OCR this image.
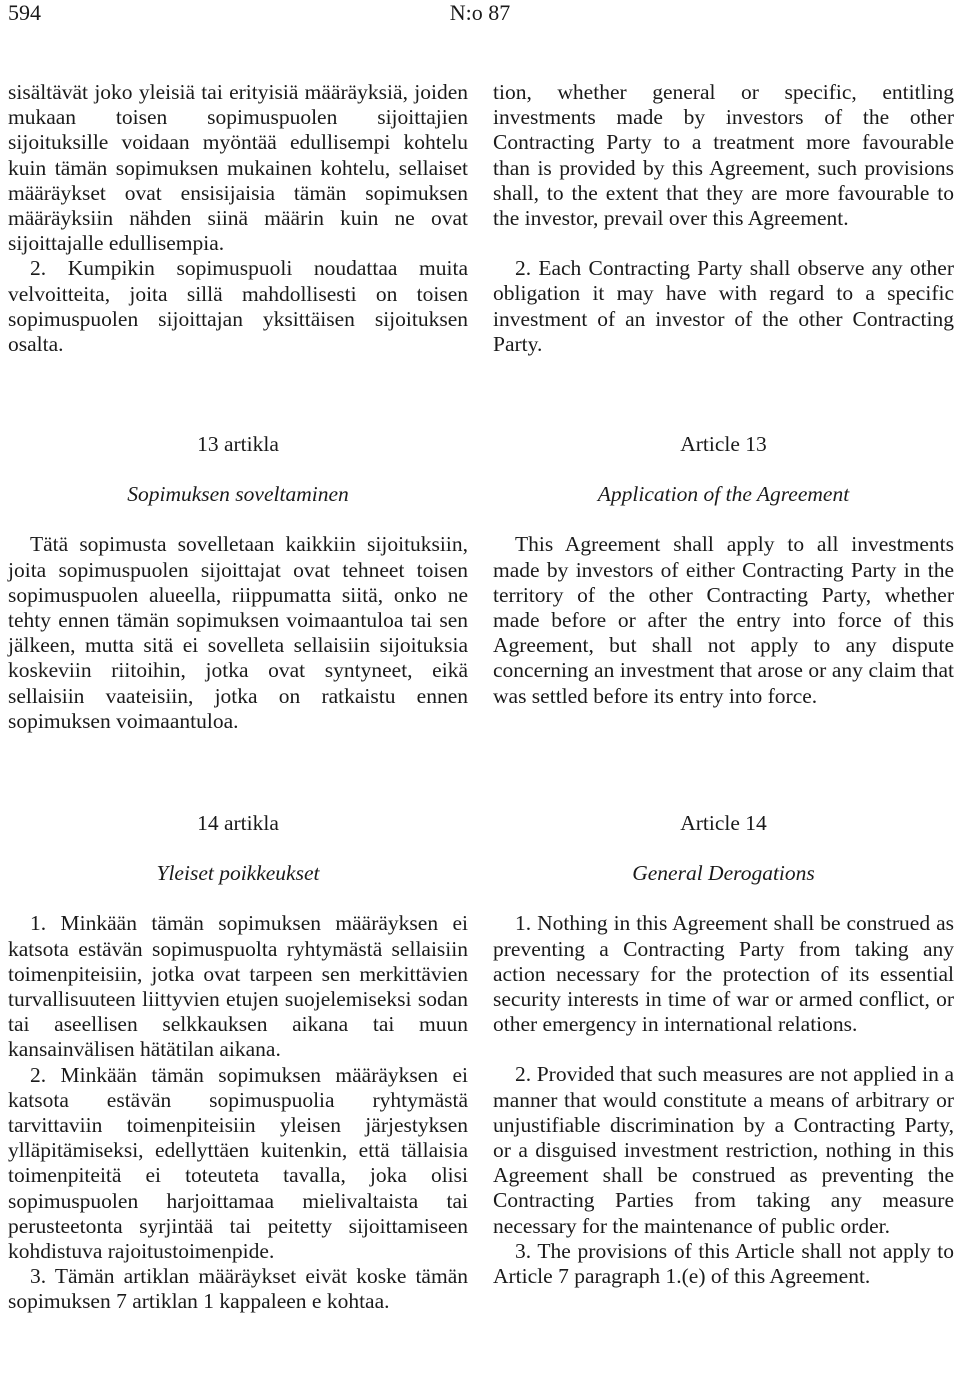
594	N:o 87

sisältävät joko yleisiä tai erityisiä määräyksiä, joiden mukaan toisen sopimuspuolen sijoittajien sijoituksille voidaan myöntää edullisempi kohtelu kuin tämän sopimuksen mukainen kohtelu, sellaiset määräykset ovat ensisijaisia tämän sopimuksen määräyksiin nähden siinä määrin kuin ne ovat sijoittajalle edullisempia.

2. Kumpikin sopimuspuoli noudattaa muita velvoitteita, joita sillä mahdollisesti on toisen sopimuspuolen sijoittajan yksittäisen sijoituksen osalta.

tion, whether general or specific, entitling investments made by investors of the other Contracting Party to a treatment more favourable than is provided by this Agreement, such provisions shall, to the extent that they are more favourable to the investor, prevail over this Agreement.

2. Each Contracting Party shall observe any other obligation it may have with regard to a specific investment of an investor of the other Contracting Party.

13 artikla
Sopimuksen soveltaminen

Tätä sopimusta sovelletaan kaikkiin sijoituksiin, joita sopimuspuolen sijoittajat ovat tehneet toisen sopimuspuolen alueella, riippumatta siitä, onko ne tehty ennen tämän sopimuksen voimaantuloa tai sen jälkeen, mutta sitä ei sovelleta sellaisiin sijoituksia koskeviin riitoihin, jotka ovat syntyneet, eikä sellaisiin vaateisiin, jotka on ratkaistu ennen sopimuksen voimaantuloa.

Article 13
Application of the Agreement

This Agreement shall apply to all investments made by investors of either Contracting Party in the territory of the other Contracting Party, whether made before or after the entry into force of this Agreement, but shall not apply to any dispute concerning an investment that arose or any claim that was settled before its entry into force.

14 artikla
Yleiset poikkeukset

1. Minkään tämän sopimuksen määräyksen ei katsota estävän sopimuspuolta ryhtymästä sellaisiin toimenpiteisiin, jotka ovat tarpeen sen merkittävien turvallisuuteen liittyvien etujen suojelemiseksi sodan tai aseellisen selkkauksen aikana tai muun kansainvälisen hätätilan aikana.

2. Minkään tämän sopimuksen määräyksen ei katsota estävän sopimuspuolia ryhtymästä tarvittaviin toimenpiteisiin yleisen järjestyksen ylläpitämiseksi, edellyttäen kuitenkin, että tällaisia toimenpiteitä ei toteuteta tavalla, joka olisi sopimuspuolen harjoittamaa mielivaltaista tai perusteetonta syrjintää tai peitetty sijoittamiseen kohdistuva rajoitustoimenpide.

3. Tämän artiklan määräykset eivät koske tämän sopimuksen 7 artiklan 1 kappaleen e kohtaa.

Article 14
General Derogations

1. Nothing in this Agreement shall be construed as preventing a Contracting Party from taking any action necessary for the protection of its essential security interests in time of war or armed conflict, or other emergency in international relations.

2. Provided that such measures are not applied in a manner that would constitute a means of arbitrary or unjustifiable discrimination by a Contracting Party, or a disguised investment restriction, nothing in this Agreement shall be construed as preventing the Contracting Parties from taking any measure necessary for the maintenance of public order.

3. The provisions of this Article shall not apply to Article 7 paragraph 1.(e) of this Agreement.
